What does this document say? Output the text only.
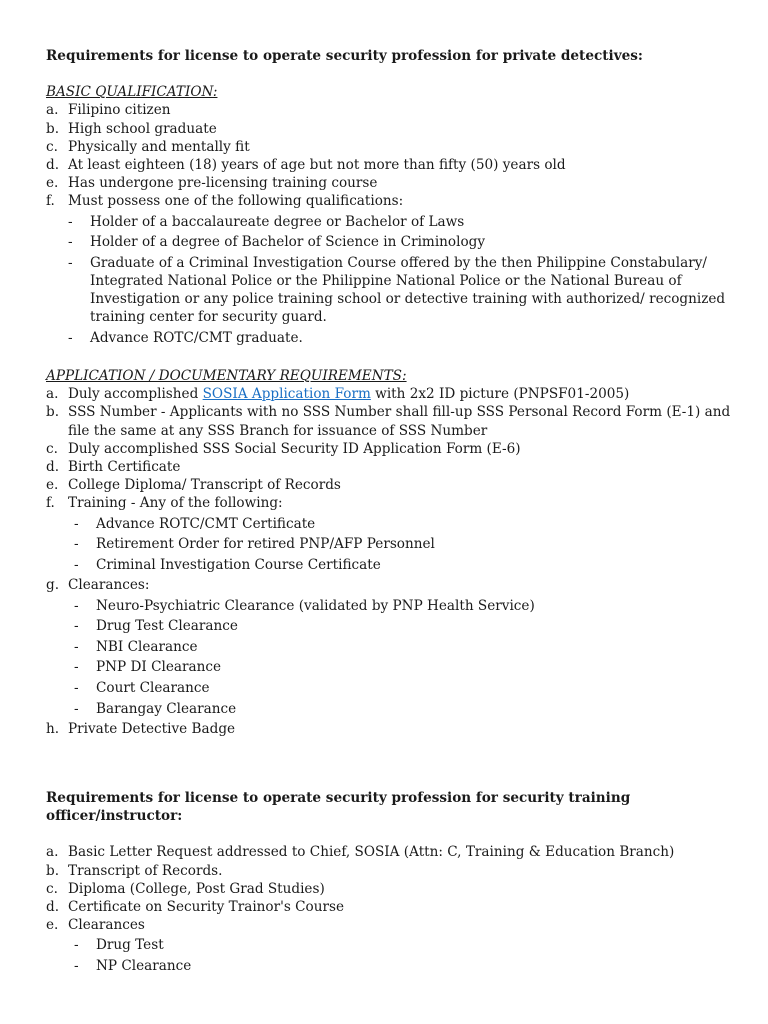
Requirements for license to operate security profession for private detectives:

BASIC QUALIFICATION:

a. Filipino citizen
b. High school graduate
c. Physically and mentally fit
d. At least eighteen (18) years of age but not more than fifty (50) years old
e. Has undergone pre-licensing training course
f. Must possess one of the following qualifications:
- Holder of a baccalaureate degree or Bachelor of Laws
- Holder of a degree of Bachelor of Science in Criminology
- Graduate of a Criminal Investigation Course offered by the then Philippine Constabulary/ Integrated National Police or the Philippine National Police or the National Bureau of Investigation or any police training school or detective training with authorized/ recognized training center for security guard.
- Advance ROTC/CMT graduate.

APPLICATION / DOCUMENTARY REQUIREMENTS:

a. Duly accomplished SOSIA Application Form with 2x2 ID picture (PNPSF01-2005)
b. SSS Number - Applicants with no SSS Number shall fill-up SSS Personal Record Form (E-1) and file the same at any SSS Branch for issuance of SSS Number
c. Duly accomplished SSS Social Security ID Application Form (E-6)
d. Birth Certificate
e. College Diploma/ Transcript of Records
f. Training - Any of the following:
- Advance ROTC/CMT Certificate
- Retirement Order for retired PNP/AFP Personnel
- Criminal Investigation Course Certificate
g. Clearances:
- Neuro-Psychiatric Clearance (validated by PNP Health Service)
- Drug Test Clearance
- NBI Clearance
- PNP DI Clearance
- Court Clearance
- Barangay Clearance
h. Private Detective Badge

Requirements for license to operate security profession for security training officer/instructor:

a. Basic Letter Request addressed to Chief, SOSIA (Attn: C, Training & Education Branch)
b. Transcript of Records.
c. Diploma (College, Post Grad Studies)
d. Certificate on Security Trainor's Course
e. Clearances
- Drug Test
- NP Clearance
